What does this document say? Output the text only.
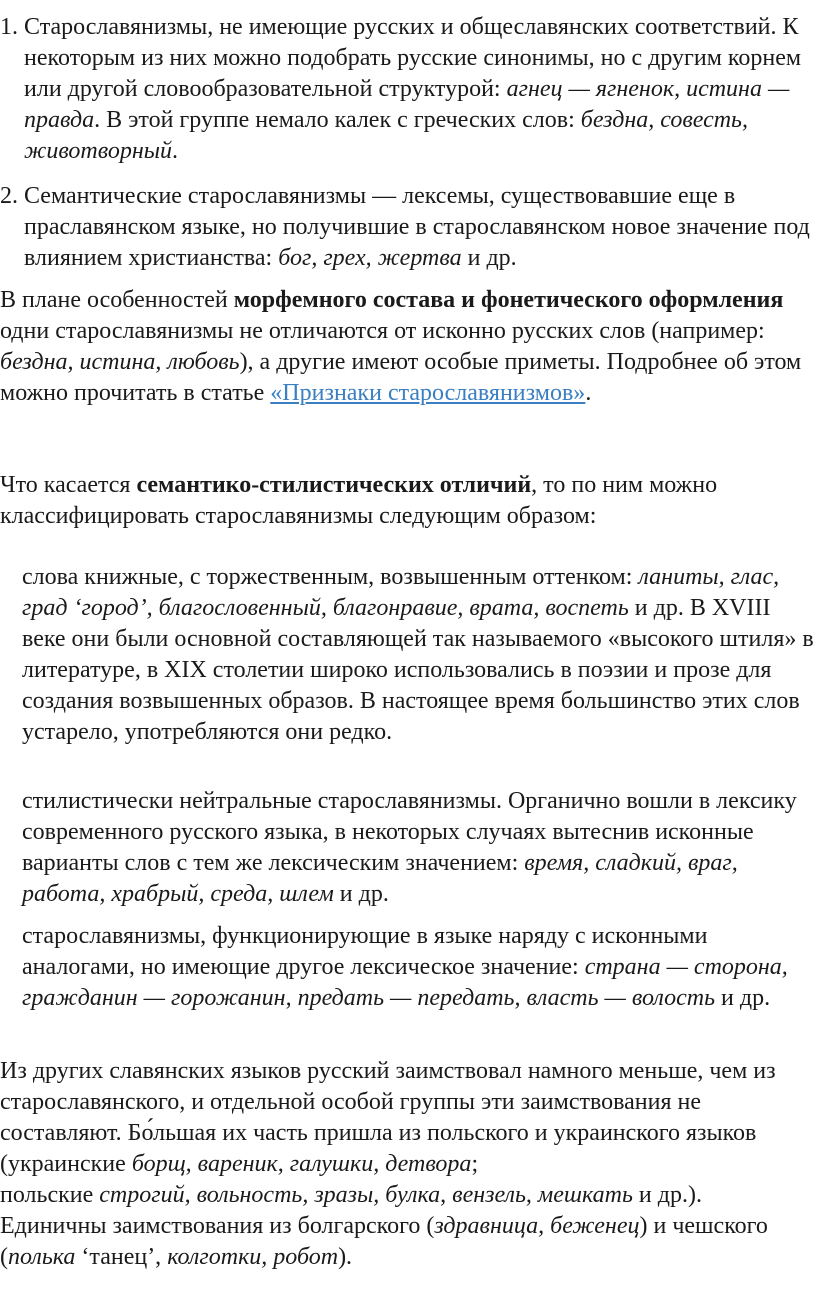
1. Старославянизмы, не имеющие русских и общеславянских соответствий. К некоторым из них можно подобрать русские синонимы, но с другим корнем или другой словообразовательной структурой: агнец — ягненок, истина — правда. В этой группе немало калек с греческих слов: бездна, совесть, животворный.
2. Семантические старославянизмы — лексемы, существовавшие еще в праславянском языке, но получившие в старославянском новое значение под влиянием христианства: бог, грех, жертва и др.

В плане особенностей морфемного состава и фонетического оформления одни старославянизмы не отличаются от исконно русских слов (например: бездна, истина, любовь), а другие имеют особые приметы. Подробнее об этом можно прочитать в статье «Признаки старославянизмов».

Что касается семантико-стилистических отличий, то по ним можно классифицировать старославянизмы следующим образом:

слова книжные, с торжественным, возвышенным оттенком: ланиты, глас, град ‘город’, благословенный, благонравие, врата, воспеть и др. В XVIII веке они были основной составляющей так называемого «высокого штиля» в литературе, в XIX столетии широко использовались в поэзии и прозе для создания возвышенных образов. В настоящее время большинство этих слов устарело, употребляются они редко.

стилистически нейтральные старославянизмы. Органично вошли в лексику современного русского языка, в некоторых случаях вытеснив исконные варианты слов с тем же лексическим значением: время, сладкий, враг, работа, храбрый, среда, шлем и др.

старославянизмы, функционирующие в языке наряду с исконными аналогами, но имеющие другое лексическое значение: страна — сторона, гражданин — горожанин, предать — передать, власть — волость и др.

Из других славянских языков русский заимствовал намного меньше, чем из старославянского, и отдельной особой группы эти заимствования не составляют. Бо́льшая их часть пришла из польского и украинского языков (украинские борщ, вареник, галушки, детвора;
польские строгий, вольность, зразы, булка, вензель, мешкать и др.). Единичны заимствования из болгарского (здравница, беженец) и чешского (полька ‘танец’, колготки, робот).
